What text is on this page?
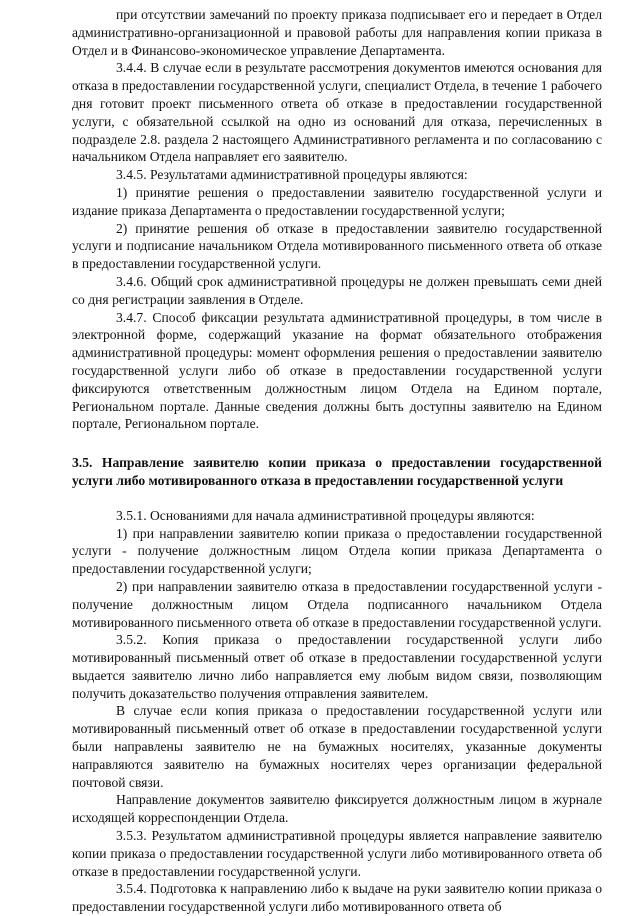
при отсутствии замечаний по проекту приказа подписывает его и передает в Отдел административно-организационной и правовой работы для направления копии приказа в Отдел и в Финансово-экономическое управление Департамента.

3.4.4. В случае если в результате рассмотрения документов имеются основания для отказа в предоставлении государственной услуги, специалист Отдела, в течение 1 рабочего дня готовит проект письменного ответа об отказе в предоставлении государственной услуги, с обязательной ссылкой на одно из оснований для отказа, перечисленных в подразделе 2.8. раздела 2 настоящего Административного регламента и по согласованию с начальником Отдела направляет его заявителю.

3.4.5. Результатами административной процедуры являются:

1) принятие решения о предоставлении заявителю государственной услуги и издание приказа Департамента о предоставлении государственной услуги;

2) принятие решения об отказе в предоставлении заявителю государственной услуги и подписание начальником Отдела мотивированного письменного ответа об отказе в предоставлении государственной услуги.

3.4.6. Общий срок административной процедуры не должен превышать семи дней со дня регистрации заявления в Отделе.

3.4.7. Способ фиксации результата административной процедуры, в том числе в электронной форме, содержащий указание на формат обязательного отображения административной процедуры: момент оформления решения о предоставлении заявителю государственной услуги либо об отказе в предоставлении государственной услуги фиксируются ответственным должностным лицом Отдела на Едином портале, Региональном портале. Данные сведения должны быть доступны заявителю на Едином портале, Региональном портале.

3.5. Направление заявителю копии приказа о предоставлении государственной услуги либо мотивированного отказа в предоставлении государственной услуги

3.5.1. Основаниями для начала административной процедуры являются:

1) при направлении заявителю копии приказа о предоставлении государственной услуги - получение должностным лицом Отдела копии приказа Департамента о предоставлении государственной услуги;

2) при направлении заявителю отказа в предоставлении государственной услуги - получение должностным лицом Отдела подписанного начальником Отдела мотивированного письменного ответа об отказе в предоставлении государственной услуги.

3.5.2. Копия приказа о предоставлении государственной услуги либо мотивированный письменный ответ об отказе в предоставлении государственной услуги выдается заявителю лично либо направляется ему любым видом связи, позволяющим получить доказательство получения отправления заявителем.

В случае если копия приказа о предоставлении государственной услуги или мотивированный письменный ответ об отказе в предоставлении государственной услуги были направлены заявителю не на бумажных носителях, указанные документы направляются заявителю на бумажных носителях через организации федеральной почтовой связи.

Направление документов заявителю фиксируется должностным лицом в журнале исходящей корреспонденции Отдела.

3.5.3. Результатом административной процедуры является направление заявителю копии приказа о предоставлении государственной услуги либо мотивированного ответа об отказе в предоставлении государственной услуги.

3.5.4. Подготовка к направлению либо к выдаче на руки заявителю копии приказа о предоставлении государственной услуги либо мотивированного ответа об
